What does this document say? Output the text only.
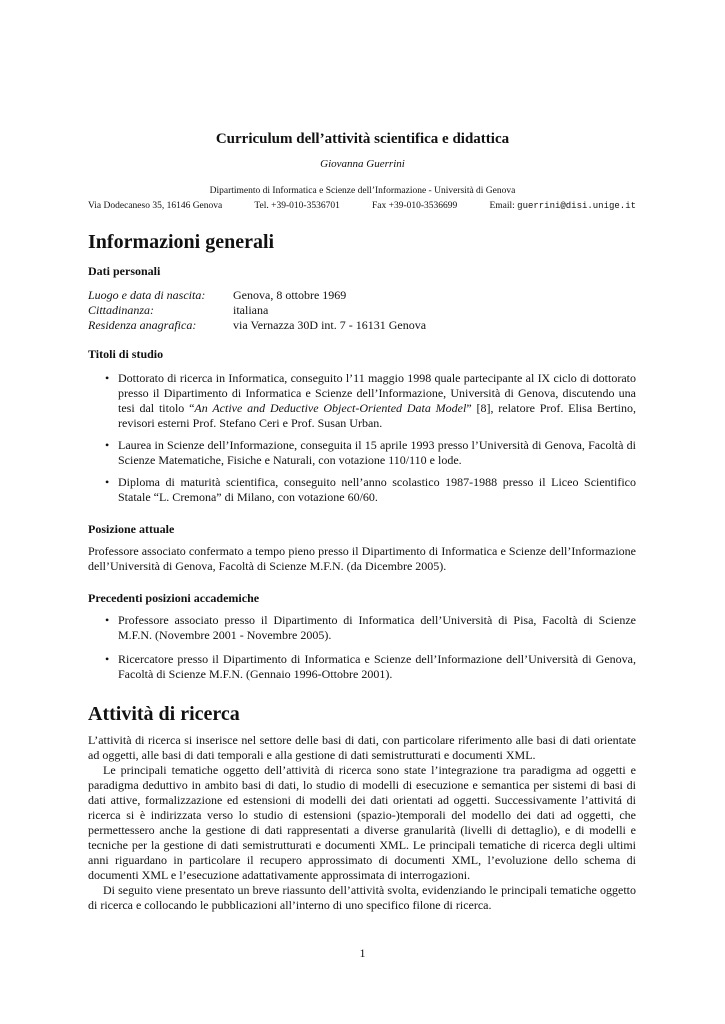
Curriculum dell’attività scientifica e didattica
Giovanna Guerrini
Dipartimento di Informatica e Scienze dell’Informazione - Università di Genova
Via Dodecaneso 35, 16146 Genova	Tel. +39-010-3536701	Fax +39-010-3536699	Email: guerrini@disi.unige.it
Informazioni generali
Dati personali
Luogo e data di nascita: Genova, 8 ottobre 1969
Cittadinanza:	italiana
Residenza anagrafica:	via Vernazza 30D int. 7 - 16131 Genova
Titoli di studio
• Dottorato di ricerca in Informatica, conseguito l’11 maggio 1998 quale partecipante al IX ciclo di dottorato presso il Dipartimento di Informatica e Scienze dell’Informazione, Università di Genova, discutendo una tesi dal titolo “An Active and Deductive Object-Oriented Data Model” [8], relatore Prof. Elisa Bertino, revisori esterni Prof. Stefano Ceri e Prof. Susan Urban.
• Laurea in Scienze dell’Informazione, conseguita il 15 aprile 1993 presso l’Università di Genova, Facoltà di Scienze Matematiche, Fisiche e Naturali, con votazione 110/110 e lode.
• Diploma di maturità scientifica, conseguito nell’anno scolastico 1987-1988 presso il Liceo Scientifico Statale “L. Cremona” di Milano, con votazione 60/60.
Posizione attuale
Professore associato confermato a tempo pieno presso il Dipartimento di Informatica e Scienze dell’Informazione dell’Università di Genova, Facoltà di Scienze M.F.N. (da Dicembre 2005).
Precedenti posizioni accademiche
• Professore associato presso il Dipartimento di Informatica dell’Università di Pisa, Facoltà di Scienze M.F.N. (Novembre 2001 - Novembre 2005).
• Ricercatore presso il Dipartimento di Informatica e Scienze dell’Informazione dell’Università di Genova, Facoltà di Scienze M.F.N. (Gennaio 1996-Ottobre 2001).
Attività di ricerca

L’attività di ricerca si inserisce nel settore delle basi di dati, con particolare riferimento alle basi di dati orientate ad oggetti, alle basi di dati temporali e alla gestione di dati semistrutturati e documenti XML.

Le principali tematiche oggetto dell’attività di ricerca sono state l’integrazione tra paradigma ad oggetti e paradigma deduttivo in ambito basi di dati, lo studio di modelli di esecuzione e semantica per sistemi di basi di dati attive, formalizzazione ed estensioni di modelli dei dati orientati ad oggetti. Successivamente l’attivitá di ricerca si è indirizzata verso lo studio di estensioni (spazio-)temporali del modello dei dati ad oggetti, che permettessero anche la gestione di dati rappresentati a diverse granularità (livelli di dettaglio), e di modelli e tecniche per la gestione di dati semistrutturati e documenti XML. Le principali tematiche di ricerca degli ultimi anni riguardano in particolare il recupero approssimato di documenti XML, l’evoluzione dello schema di documenti XML e l’esecuzione adattativamente approssimata di interrogazioni.

Di seguito viene presentato un breve riassunto dell’attività svolta, evidenziando le principali tematiche oggetto di ricerca e collocando le pubblicazioni all’interno di uno specifico filone di ricerca.

1
